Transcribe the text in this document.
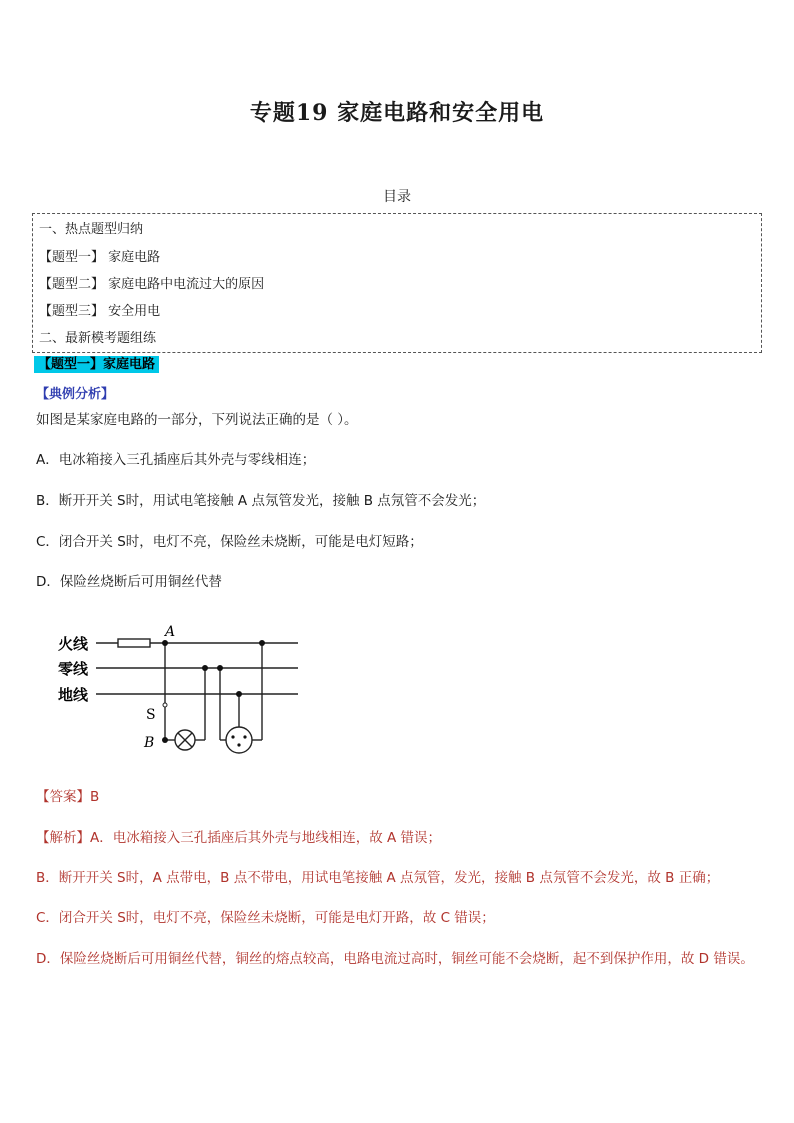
专题19 家庭电路和安全用电
目录
一、热点题型归纳
【题型一】 家庭电路
【题型二】 家庭电路中电流过大的原因
【题型三】 安全用电
二、最新模考题组练
【题型一】家庭电路
【典例分析】
如图是某家庭电路的一部分，下列说法正确的是（ ）。
A．电冰箱接入三孔插座后其外壳与零线相连；
B．断开开关 S时，用试电笔接触 A 点氖管发光，接触 B 点氖管不会发光；
C．闭合开关 S时，电灯不亮，保险丝未烧断，可能是电灯短路；
D．保险丝烧断后可用铜丝代替
火线
零线
地线
A
S
B
【答案】B
【解析】A．电冰箱接入三孔插座后其外壳与地线相连，故 A 错误；
B．断开开关 S时，A 点带电，B 点不带电，用试电笔接触 A 点氖管，发光，接触 B 点氖管不会发光，故 B 正确；
C．闭合开关 S时，电灯不亮，保险丝未烧断，可能是电灯开路，故 C 错误；
D．保险丝烧断后可用铜丝代替，铜丝的熔点较高，电路电流过高时，铜丝可能不会烧断，起不到保护作用，故 D 错误。
